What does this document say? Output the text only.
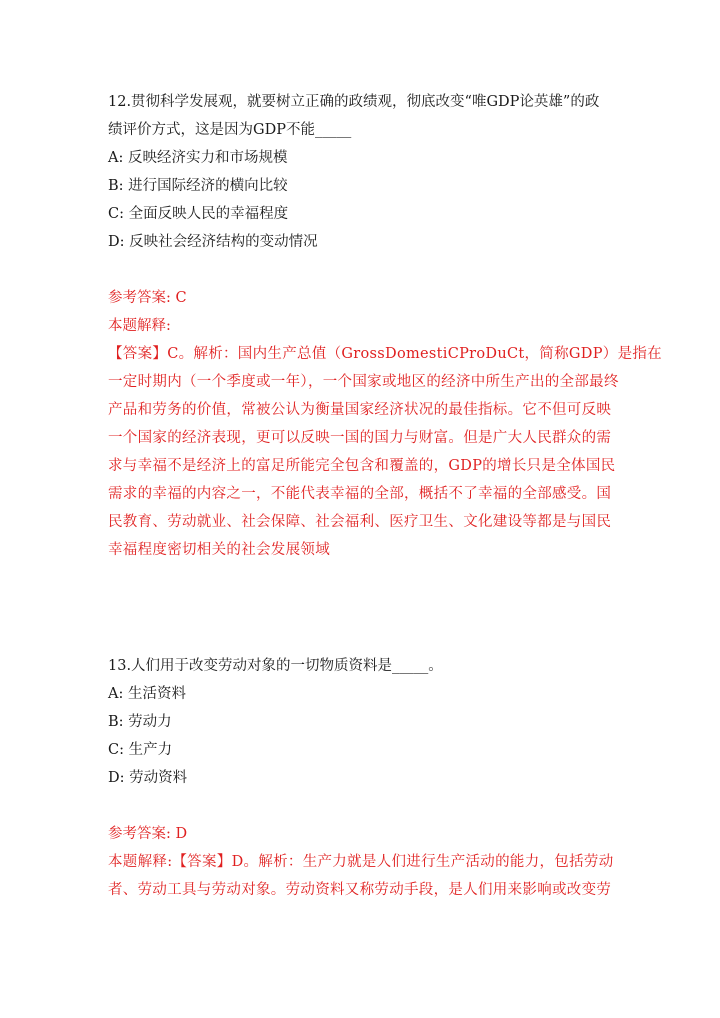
12.贯彻科学发展观，就要树立正确的政绩观，彻底改变“唯GDP论英雄”的政
绩评价方式，这是因为GDP不能_____
A: 反映经济实力和市场规模
B: 进行国际经济的横向比较
C: 全面反映人民的幸福程度
D: 反映社会经济结构的变动情况
参考答案: C
本题解释:
【答案】C。解析：国内生产总值（GrossDomestiCProDuCt，简称GDP）是指在
一定时期内（一个季度或一年），一个国家或地区的经济中所生产出的全部最终
产品和劳务的价值，常被公认为衡量国家经济状况的最佳指标。它不但可反映
一个国家的经济表现，更可以反映一国的国力与财富。但是广大人民群众的需
求与幸福不是经济上的富足所能完全包含和覆盖的，GDP的增长只是全体国民
需求的幸福的内容之一，不能代表幸福的全部，概括不了幸福的全部感受。国
民教育、劳动就业、社会保障、社会福利、医疗卫生、文化建设等都是与国民
幸福程度密切相关的社会发展领域
13.人们用于改变劳动对象的一切物质资料是_____。
A: 生活资料
B: 劳动力
C: 生产力
D: 劳动资料
参考答案: D
本题解释:【答案】D。解析：生产力就是人们进行生产活动的能力，包括劳动
者、劳动工具与劳动对象。劳动资料又称劳动手段，是人们用来影响或改变劳
